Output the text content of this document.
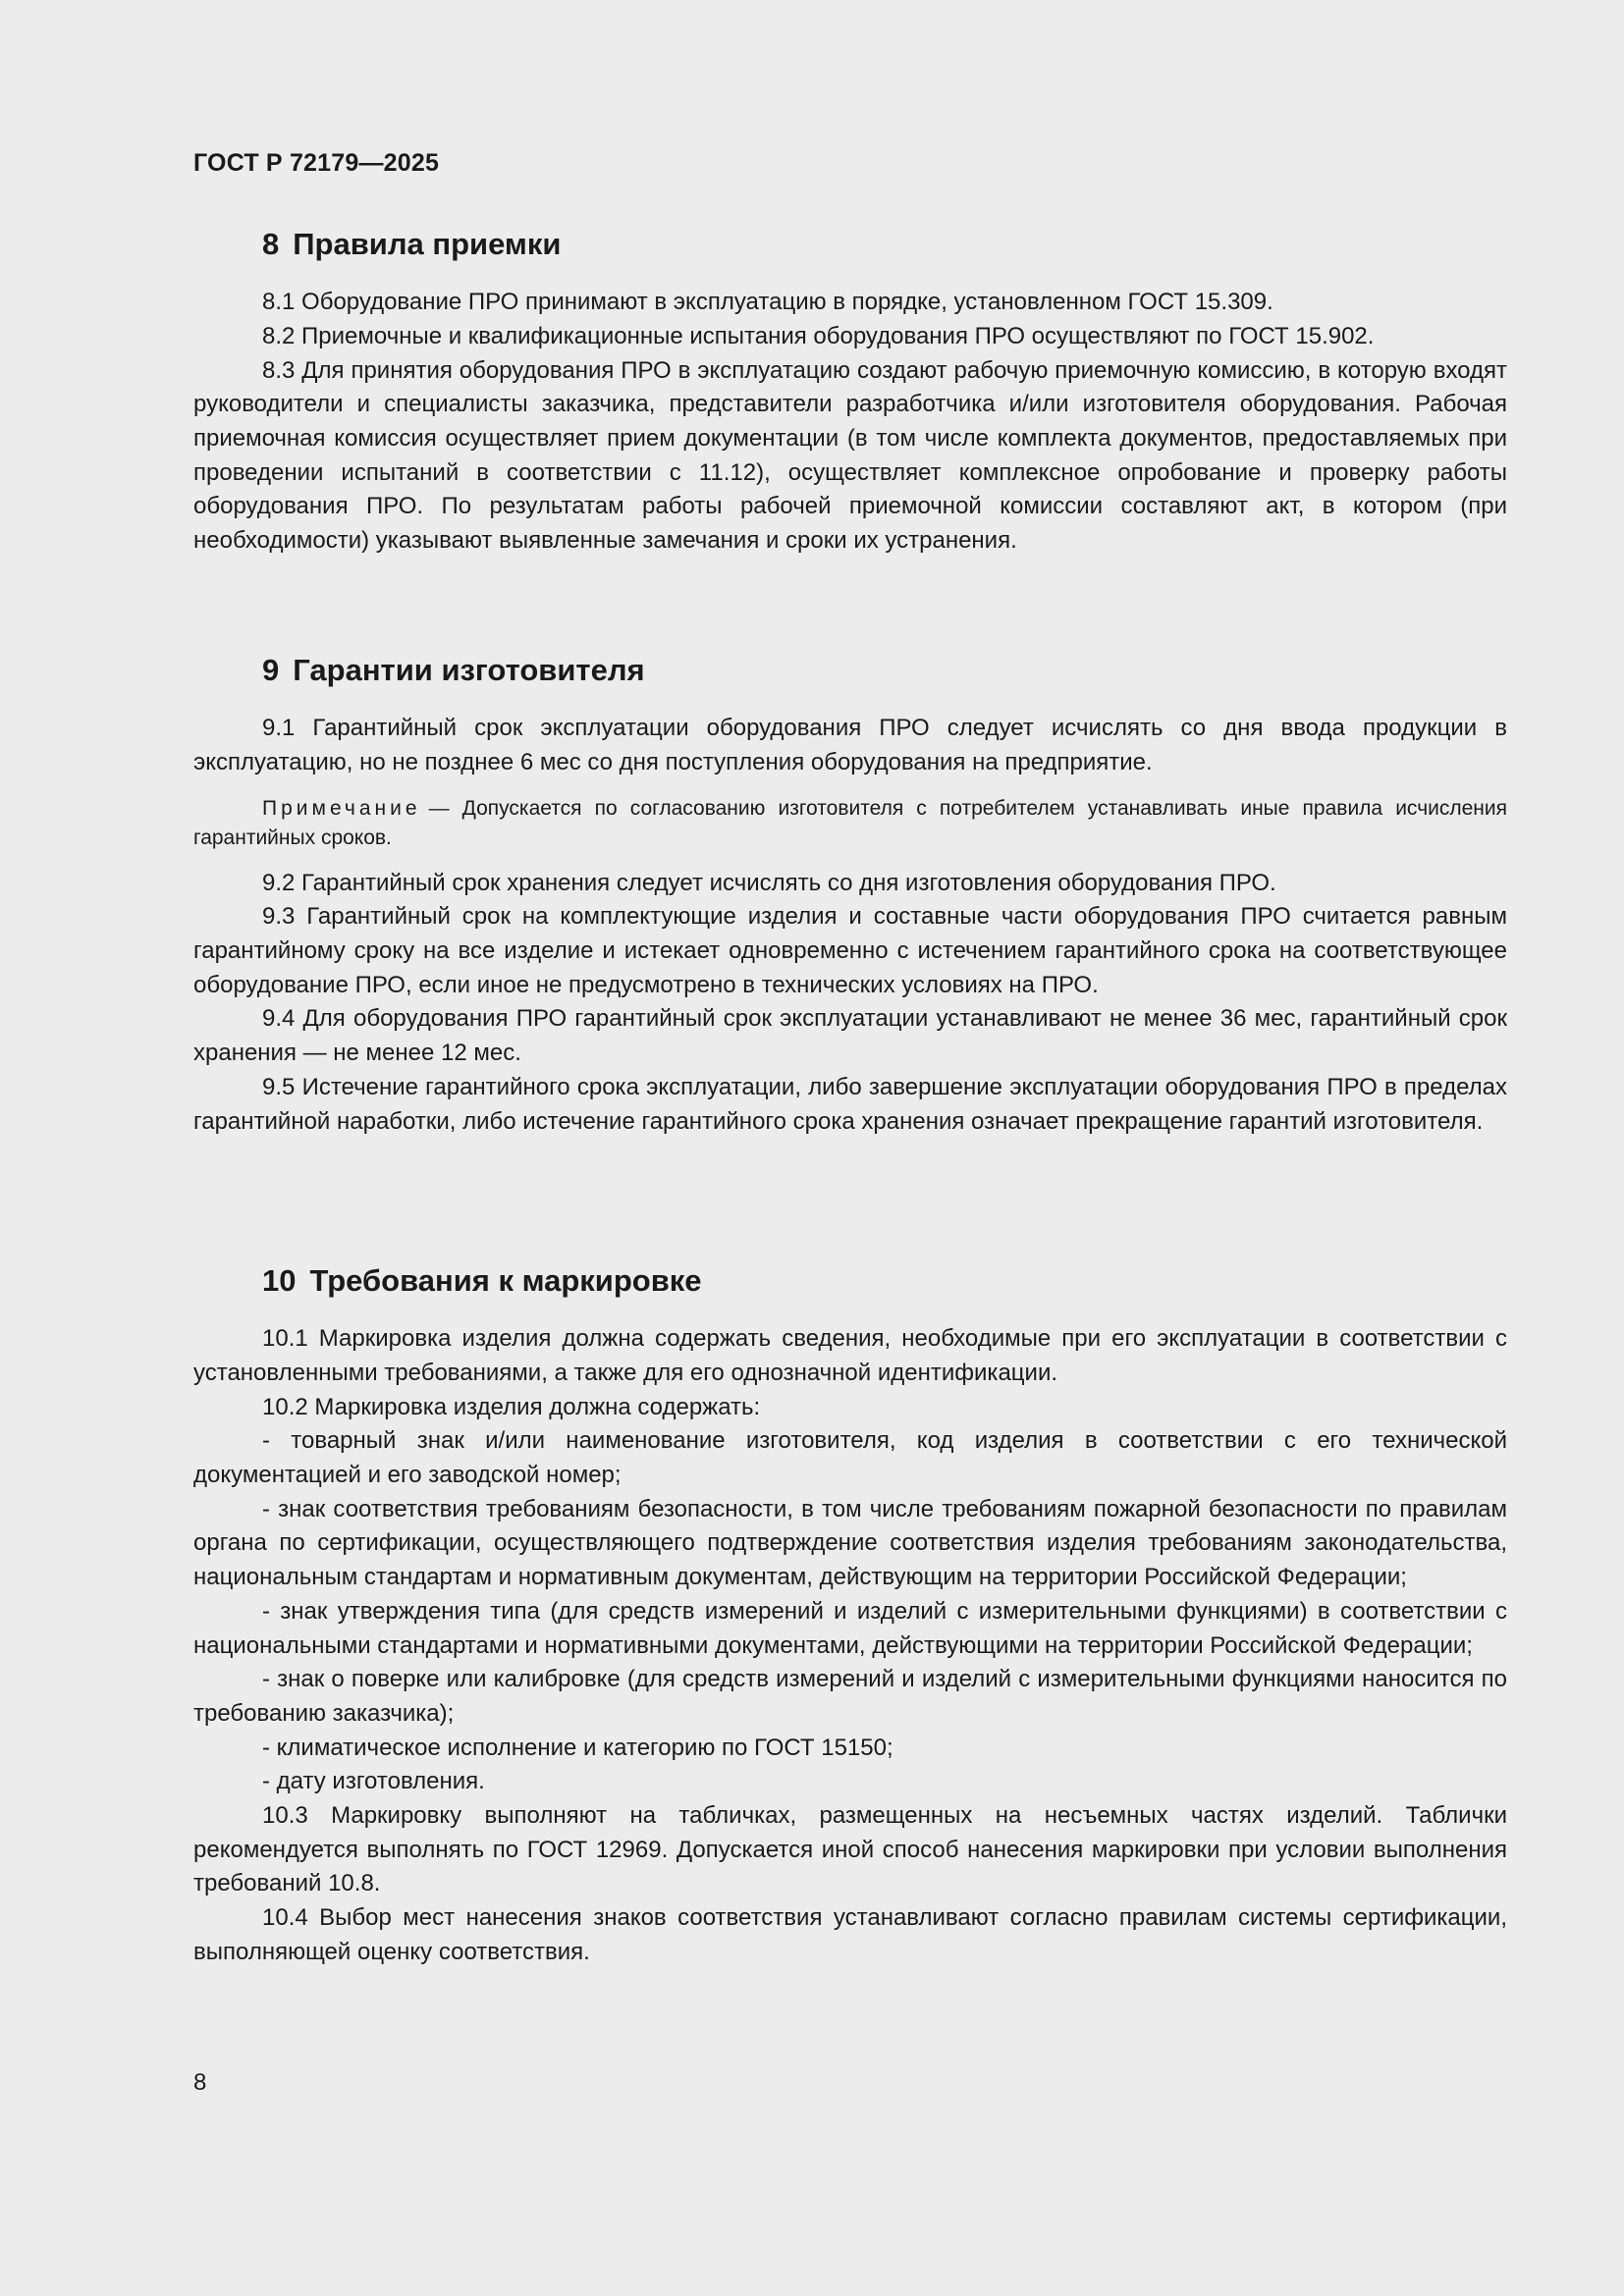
ГОСТ Р 72179—2025
8 Правила приемки

8.1 Оборудование ПРО принимают в эксплуатацию в порядке, установленном ГОСТ 15.309.

8.2 Приемочные и квалификационные испытания оборудования ПРО осуществляют по ГОСТ 15.902.

8.3 Для принятия оборудования ПРО в эксплуатацию создают рабочую приемочную комиссию, в которую входят руководители и специалисты заказчика, представители разработчика и/или изготовителя оборудования. Рабочая приемочная комиссия осуществляет прием документации (в том числе комплекта документов, предоставляемых при проведении испытаний в соответствии с 11.12), осуществляет комплексное опробование и проверку работы оборудования ПРО. По результатам работы рабочей приемочной комиссии составляют акт, в котором (при необходимости) указывают выявленные замечания и сроки их устранения.

9 Гарантии изготовителя

9.1 Гарантийный срок эксплуатации оборудования ПРО следует исчислять со дня ввода продукции в эксплуатацию, но не позднее 6 мес со дня поступления оборудования на предприятие.

Примечание — Допускается по согласованию изготовителя с потребителем устанавливать иные правила исчисления гарантийных сроков.

9.2 Гарантийный срок хранения следует исчислять со дня изготовления оборудования ПРО.

9.3 Гарантийный срок на комплектующие изделия и составные части оборудования ПРО считается равным гарантийному сроку на все изделие и истекает одновременно с истечением гарантийного срока на соответствующее оборудование ПРО, если иное не предусмотрено в технических условиях на ПРО.

9.4 Для оборудования ПРО гарантийный срок эксплуатации устанавливают не менее 36 мес, гарантийный срок хранения — не менее 12 мес.

9.5 Истечение гарантийного срока эксплуатации, либо завершение эксплуатации оборудования ПРО в пределах гарантийной наработки, либо истечение гарантийного срока хранения означает прекращение гарантий изготовителя.

10 Требования к маркировке

10.1 Маркировка изделия должна содержать сведения, необходимые при его эксплуатации в соответствии с установленными требованиями, а также для его однозначной идентификации.

10.2 Маркировка изделия должна содержать:

- товарный знак и/или наименование изготовителя, код изделия в соответствии с его технической документацией и его заводской номер;

- знак соответствия требованиям безопасности, в том числе требованиям пожарной безопасности по правилам органа по сертификации, осуществляющего подтверждение соответствия изделия требованиям законодательства, национальным стандартам и нормативным документам, действующим на территории Российской Федерации;

- знак утверждения типа (для средств измерений и изделий с измерительными функциями) в соответствии с национальными стандартами и нормативными документами, действующими на территории Российской Федерации;

- знак о поверке или калибровке (для средств измерений и изделий с измерительными функциями наносится по требованию заказчика);

- климатическое исполнение и категорию по ГОСТ 15150;

- дату изготовления.

10.3 Маркировку выполняют на табличках, размещенных на несъемных частях изделий. Таблички рекомендуется выполнять по ГОСТ 12969. Допускается иной способ нанесения маркировки при условии выполнения требований 10.8.

10.4 Выбор мест нанесения знаков соответствия устанавливают согласно правилам системы сертификации, выполняющей оценку соответствия.

8
